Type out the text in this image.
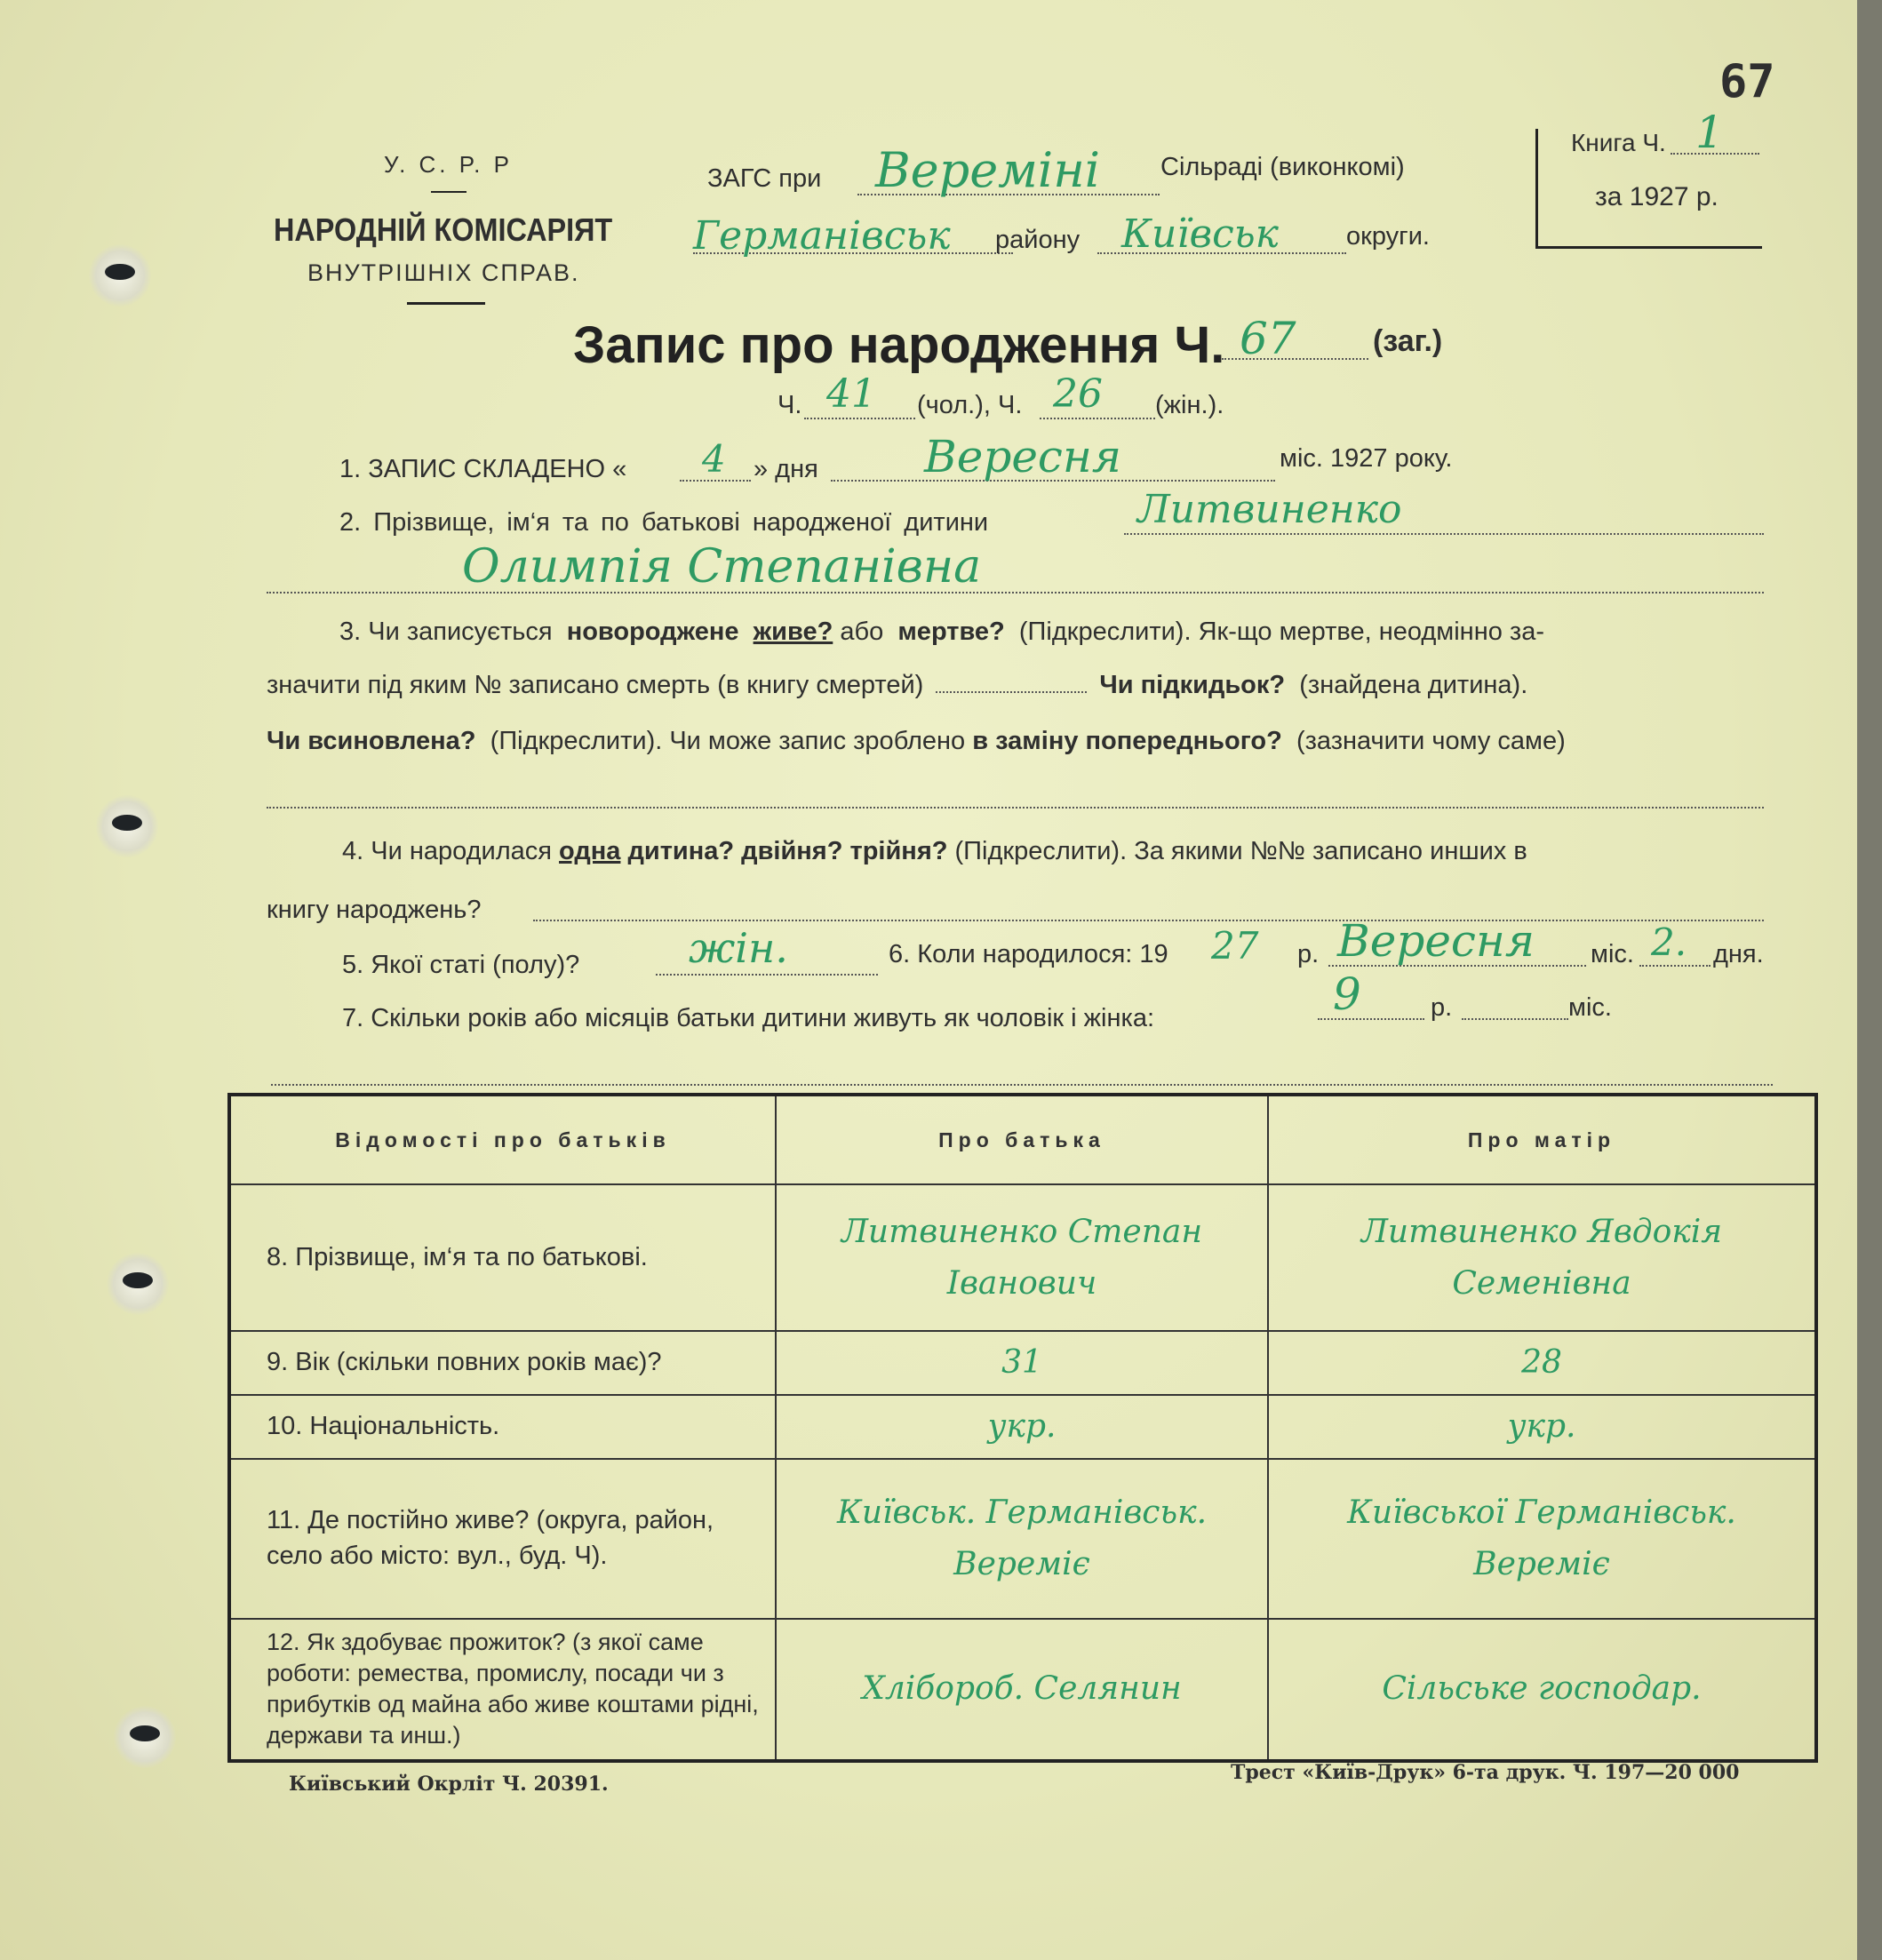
67
У. С. Р. Р
НАРОДНІЙ КОМІСАРІЯТ
ВНУТРІШНІХ СПРАВ.
ЗАГС при Вереміні Сільраді (виконкомі)
Германівськ району Київськ	округи.
Книга Ч. 1
за 1927 р.
Запис про народження Ч. 67	(заг.)
Ч. 41 (чол.), Ч. 26 (жін.).
1. ЗАПИС СКЛАДЕНО « 4 » дня Вересня	міс. 1927 року.
2. Прізвище, ім‘я та по батькові народженої дитини	Литвиненко
Олимпія Степанівна
3. Чи записується новороджене живе? або мертве? (Підкреслити). Як-що мертве, неодмінно за-
значити під яким № записано смерть (в книгу смертей)	Чи підкидьок? (знайдена дитина).
Чи всиновлена? (Підкреслити). Чи може запис зроблено в заміну попереднього? (зазначити чому саме)
4. Чи народилася одна дитина? двійня? трійня? (Підкреслити). За якими №№ записано инших в
книгу народжень?
5. Якої статі (полу)?	жін.	6. Коли народилося: 19 27 р. Вересня міс. 2. дня.
7. Скільки років або місяців батьки дитини живуть як чоловік і жінка:	9	р.	міс.
Відомості про батьків	Про батька	Про матір
8. Прізвище, ім‘я та по батькові.	Литвиненко Степан Іванович	Литвиненко Явдокія Семенівна
9. Вік (скільки повних років має)?	31	28
10. Національність.	укр.	укр.
11. Де постійно живе? (округа, район, село або місто: вул., буд. Ч).	Київськ. Германівськ. Вереміє	Київської Германівськ. Вереміє
12. Як здобуває прожиток? (з якої саме роботи: ремества, промислу, посади чи з прибутків од майна або живе коштами рідні, держави та инш.)	Хлібороб. Селянин	Сільське господар.
Київський Окрліт Ч. 20391.	Трест «Київ-Друк» 6-та друк. Ч. 197—20 000
